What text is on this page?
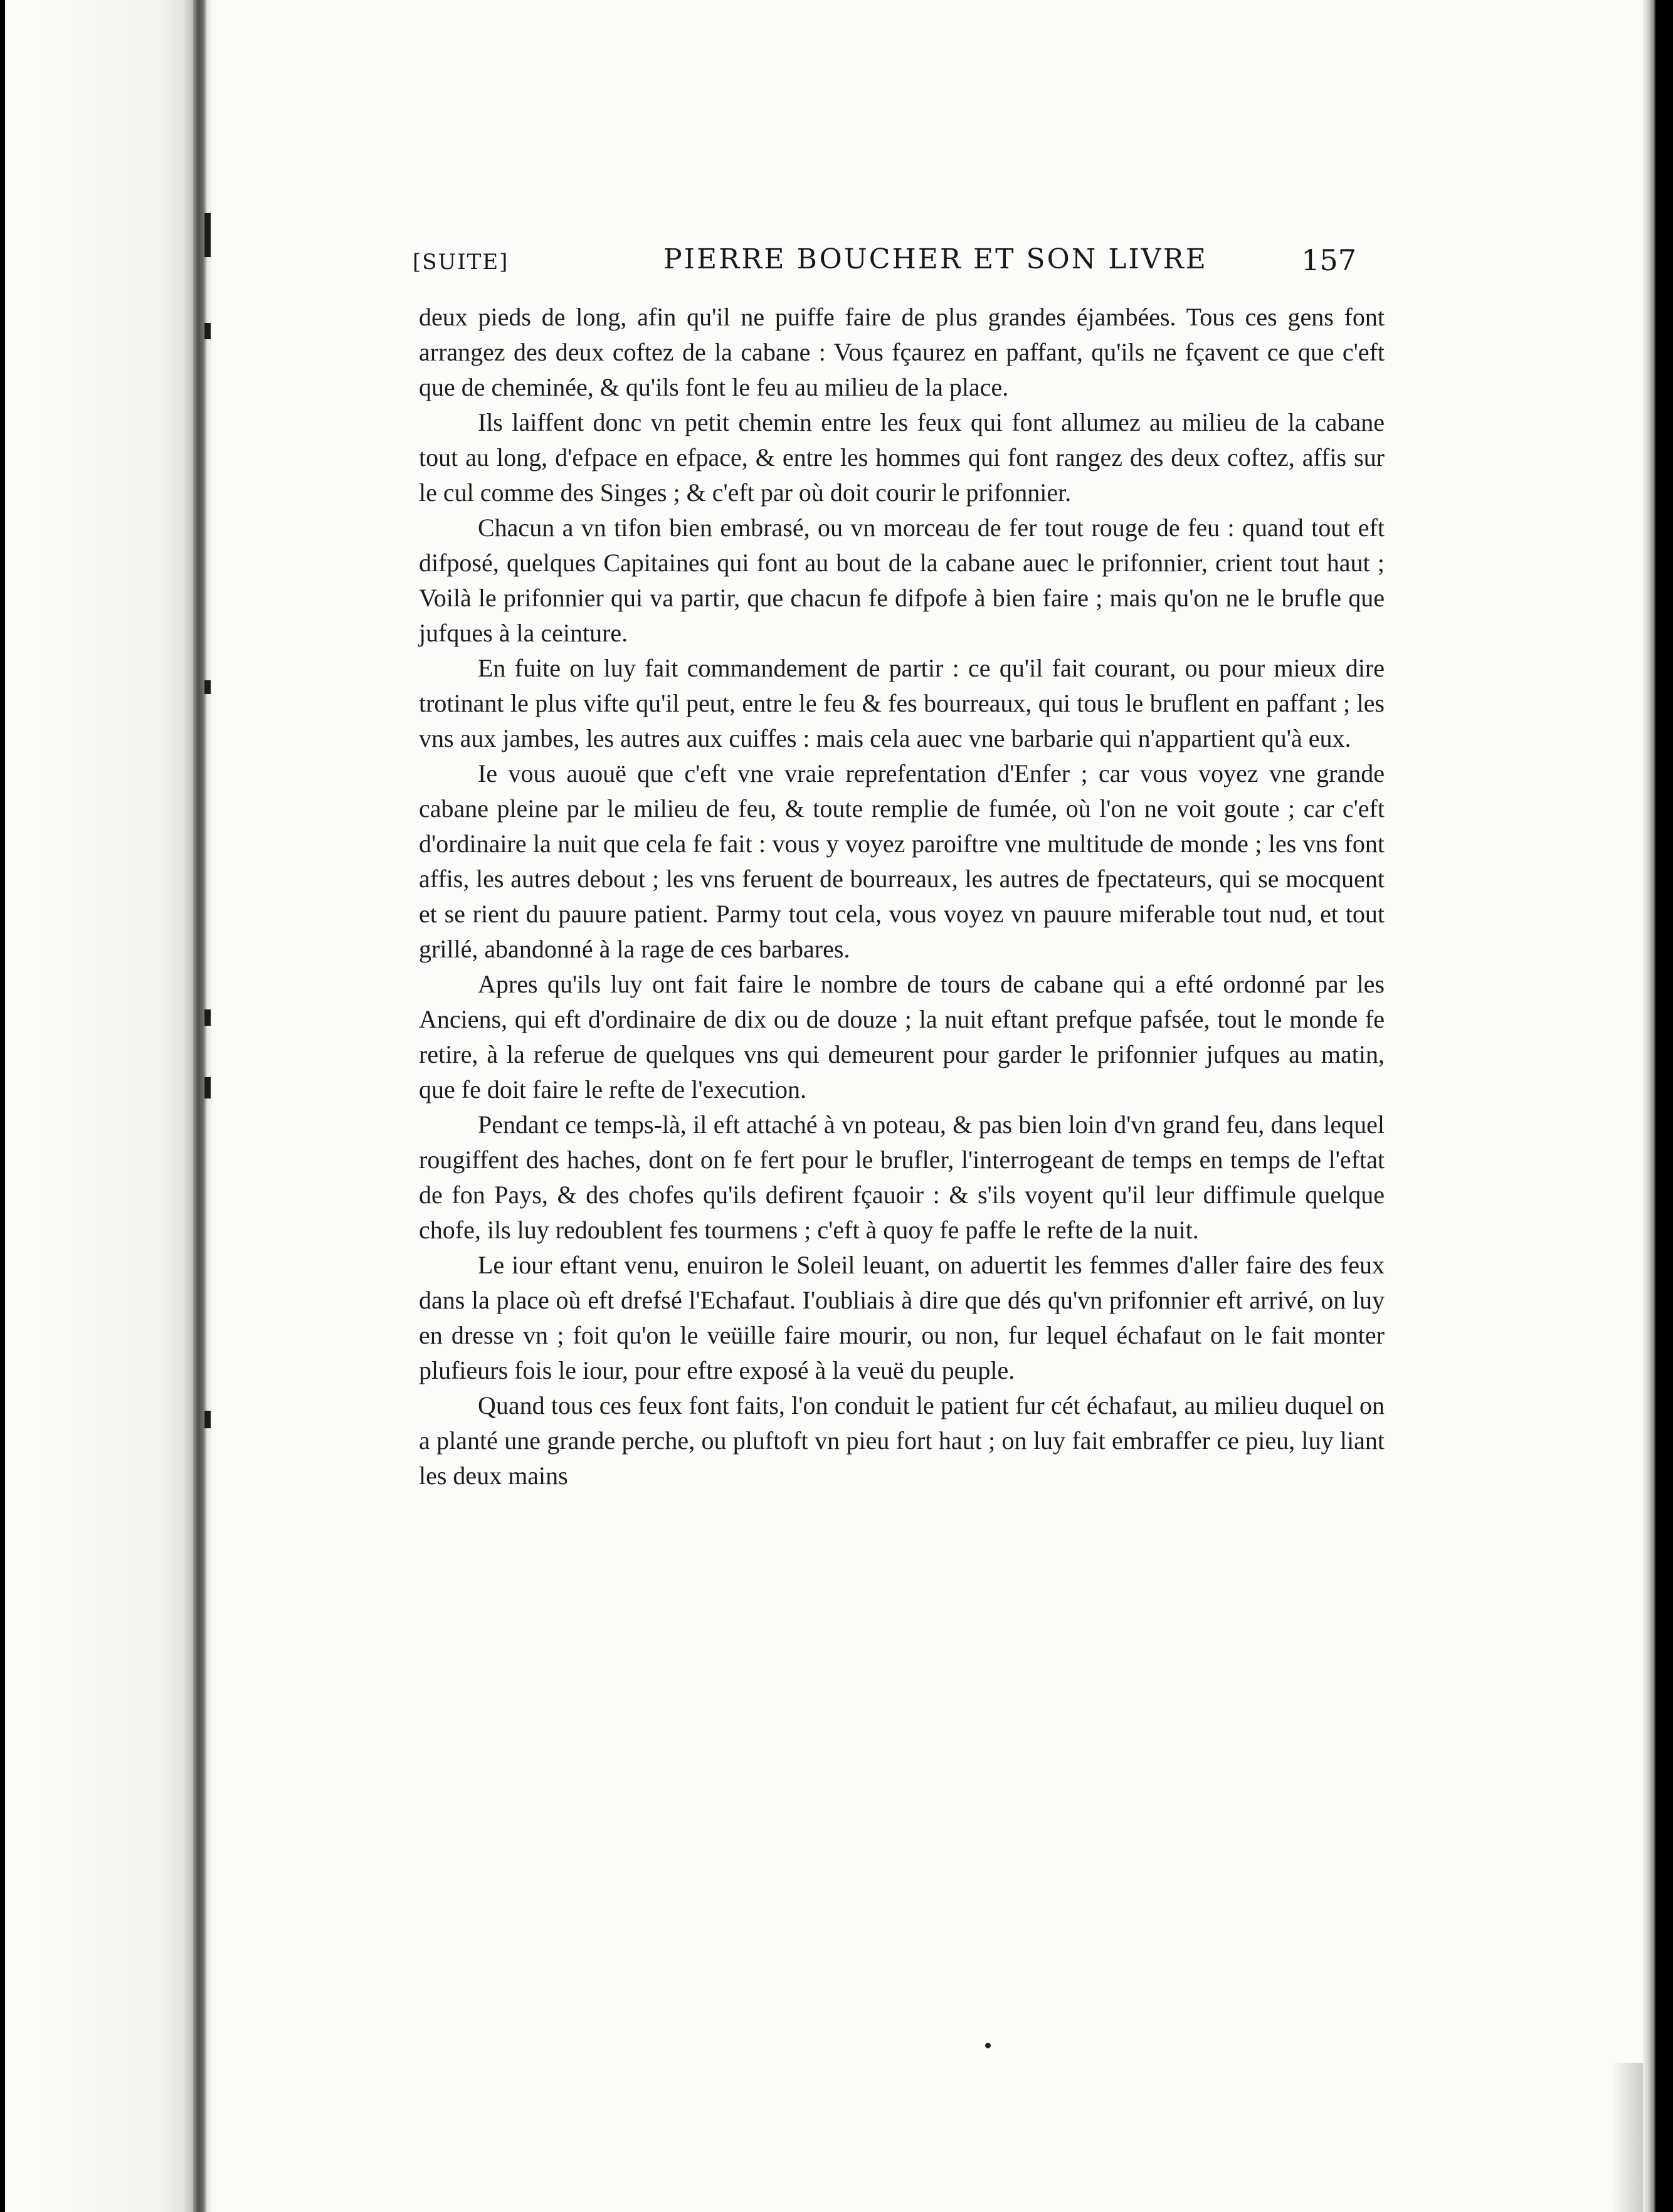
[SUITE]	PIERRE BOUCHER ET SON LIVRE	157

deux pieds de long, afin qu'il ne puiffe faire de plus grandes éjambées. Tous ces gens font arrangez des deux coftez de la cabane : Vous fçaurez en paffant, qu'ils ne fçavent ce que c'eft que de cheminée, & qu'ils font le feu au milieu de la place.

Ils laiffent donc vn petit chemin entre les feux qui font allumez au milieu de la cabane tout au long, d'efpace en efpace, & entre les hommes qui font rangez des deux coftez, affis sur le cul comme des Singes ; & c'eft par où doit courir le prifonnier.

Chacun a vn tifon bien embrasé, ou vn morceau de fer tout rouge de feu : quand tout eft difposé, quelques Capitaines qui font au bout de la cabane auec le prifonnier, crient tout haut ; Voilà le prifonnier qui va partir, que chacun fe difpofe à bien faire ; mais qu'on ne le brufle que jufques à la ceinture.

En fuite on luy fait commandement de partir : ce qu'il fait courant, ou pour mieux dire trotinant le plus vifte qu'il peut, entre le feu & fes bourreaux, qui tous le bruflent en paffant ; les vns aux jambes, les autres aux cuiffes : mais cela auec vne barbarie qui n'appartient qu'à eux.

Ie vous auouë que c'eft vne vraie reprefentation d'Enfer ; car vous voyez vne grande cabane pleine par le milieu de feu, & toute remplie de fumée, où l'on ne voit goute ; car c'eft d'ordinaire la nuit que cela fe fait : vous y voyez paroiftre vne multitude de monde ; les vns font affis, les autres debout ; les vns feruent de bourreaux, les autres de fpectateurs, qui se mocquent et se rient du pauure patient. Parmy tout cela, vous voyez vn pauure miferable tout nud, et tout grillé, abandonné à la rage de ces barbares.

Apres qu'ils luy ont fait faire le nombre de tours de cabane qui a efté ordonné par les Anciens, qui eft d'ordinaire de dix ou de douze ; la nuit eftant prefque pafsée, tout le monde fe retire, à la referue de quelques vns qui demeurent pour garder le prifonnier jufques au matin, que fe doit faire le refte de l'execution.

Pendant ce temps-là, il eft attaché à vn poteau, & pas bien loin d'vn grand feu, dans lequel rougiffent des haches, dont on fe fert pour le brufler, l'interrogeant de temps en temps de l'eftat de fon Pays, & des chofes qu'ils defirent fçauoir : & s'ils voyent qu'il leur diffimule quelque chofe, ils luy redoublent fes tourmens ; c'eft à quoy fe paffe le refte de la nuit.

Le iour eftant venu, enuiron le Soleil leuant, on aduertit les femmes d'aller faire des feux dans la place où eft drefsé l'Echafaut. I'oubliais à dire que dés qu'vn prifonnier eft arrivé, on luy en dresse vn ; foit qu'on le veüille faire mourir, ou non, fur lequel échafaut on le fait monter plufieurs fois le iour, pour eftre exposé à la veuë du peuple.

Quand tous ces feux font faits, l'on conduit le patient fur cét échafaut, au milieu duquel on a planté une grande perche, ou pluftoft vn pieu fort haut ; on luy fait embraffer ce pieu, luy liant les deux mains
